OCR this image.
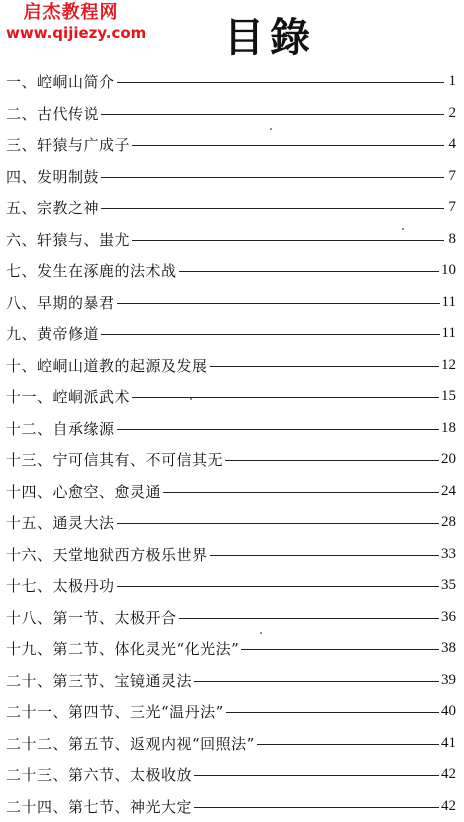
启杰教程网
www.qijiezy.com	目錄
一、崆峒山简介	1
二、古代传说	2
三、轩猿与广成子	4
四、发明制鼓	7
五、宗教之神	7
六、轩猿与、蚩尤	8
七、发生在涿鹿的法术战	10
八、早期的暴君	11
九、黄帝修道	11
十、崆峒山道教的起源及发展	12
十一、崆峒派武术	15
十二、自承缘源	18
十三、宁可信其有、不可信其无	20
十四、心愈空、愈灵通	24
十五、通灵大法	28
十六、天堂地狱西方极乐世界	33
十七、太极丹功	35
十八、第一节、太极开合	36
十九、第二节、体化灵光“化光法”	38
二十、第三节、宝镜通灵法	39
二十一、第四节、三光“温丹法”	40
二十二、第五节、返观内视“回照法”	41
二十三、第六节、太极收放	42
二十四、第七节、神光大定	42
